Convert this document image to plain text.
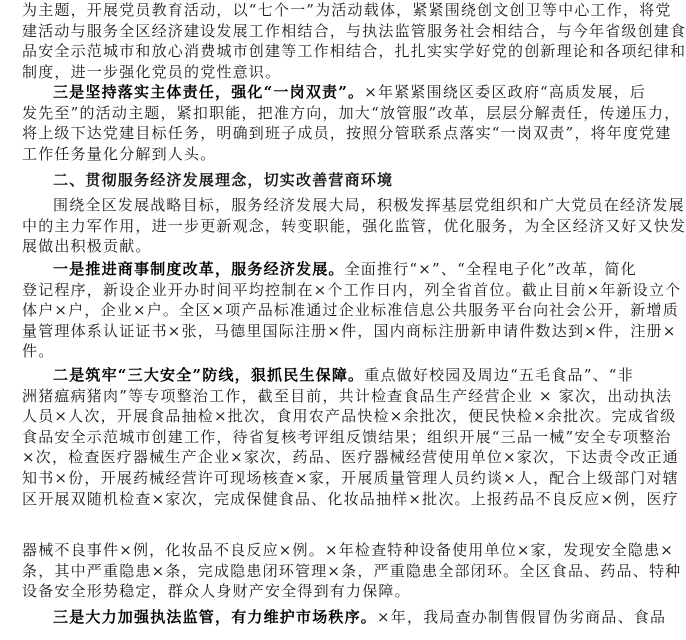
为主题，开展党员教育活动，以“七个一”为活动载体，紧紧围绕创文创卫等中心工作，将党
建活动与服务全区经济建设发展工作相结合，与执法监管服务社会相结合，与今年省级创建食
品安全示范城市和放心消费城市创建等工作相结合，扎扎实实学好党的创新理论和各项纪律和
制度，进一步强化党员的党性意识。
三是坚持落实主体责任，强化“一岗双责”。×年紧紧围绕区委区政府“高质发展，后
发先至”的活动主题，紧扣职能，把准方向，加大“放管服”改革，层层分解责任，传递压力，
将上级下达党建目标任务，明确到班子成员，按照分管联系点落实“一岗双责”，将年度党建
工作任务量化分解到人头。
二、贯彻服务经济发展理念，切实改善营商环境
围绕全区发展战略目标，服务经济发展大局，积极发挥基层党组织和广大党员在经济发展
中的主力军作用，进一步更新观念，转变职能，强化监管，优化服务，为全区经济又好又快发
展做出积极贡献。
一是推进商事制度改革，服务经济发展。全面推行“×”、“全程电子化”改革，简化
登记程序，新设企业开办时间平均控制在×个工作日内，列全省首位。截止目前×年新设立个
体户×户，企业×户。全区×项产品标准通过企业标准信息公共服务平台向社会公开，新增质
量管理体系认证证书×张，马德里国际注册×件，国内商标注册新申请件数达到×件，注册×
件。
二是筑牢“三大安全”防线，狠抓民生保障。重点做好校园及周边“五毛食品”、“非
洲猪瘟病猪肉”等专项整治工作，截至目前，共计检查食品生产经营企业 × 家次，出动执法
人员×人次，开展食品抽检×批次，食用农产品快检×余批次，便民快检×余批次。完成省级
食品安全示范城市创建工作，待省复核考评组反馈结果；组织开展“三品一械”安全专项整治
×次，检查医疗器械生产企业×家次，药品、医疗器械经营使用单位×家次，下达责令改正通
知书×份，开展药械经营许可现场核查×家，开展质量管理人员约谈×人，配合上级部门对辖
区开展双随机检查×家次，完成保健食品、化妆品抽样×批次。上报药品不良反应×例，医疗
器械不良事件×例，化妆品不良反应×例。×年检查特种设备使用单位×家，发现安全隐患×
条，其中严重隐患×条，完成隐患闭环管理×条，严重隐患全部闭环。全区食品、药品、特种
设备安全形势稳定，群众人身财产安全得到有力保障。
三是大力加强执法监管，有力维护市场秩序。×年，我局查办制售假冒伪劣商品、食品
